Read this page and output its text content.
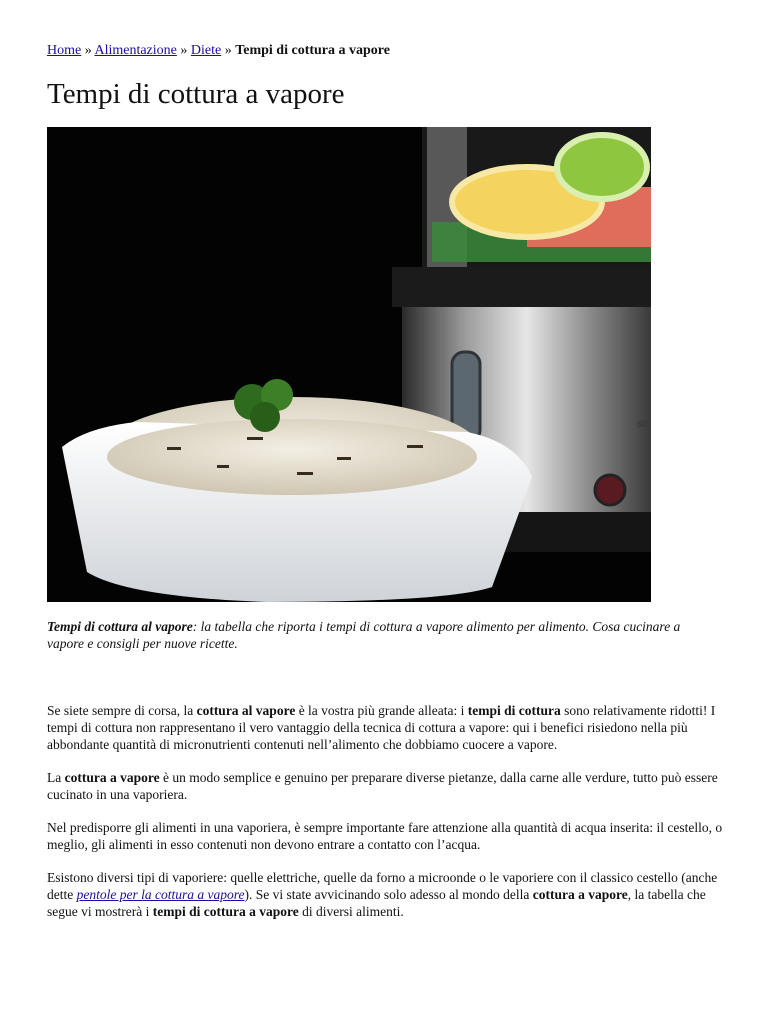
Home » Alimentazione » Diete » Tempi di cottura a vapore
Tempi di cottura a vapore
60
Tempi di cottura al vapore: la tabella che riporta i tempi di cottura a vapore alimento per alimento. Cosa cucinare a vapore e consigli per nuove ricette.

Se siete sempre di corsa, la cottura al vapore è la vostra più grande alleata: i tempi di cottura sono relativamente ridotti! I tempi di cottura non rappresentano il vero vantaggio della tecnica di cottura a vapore: qui i benefici risiedono nella più abbondante quantità di micronutrienti contenuti nell’alimento che dobbiamo cuocere a vapore.

La cottura a vapore è un modo semplice e genuino per preparare diverse pietanze, dalla carne alle verdure, tutto può essere cucinato in una vaporiera.

Nel predisporre gli alimenti in una vaporiera, è sempre importante fare attenzione alla quantità di acqua inserita: il cestello, o meglio, gli alimenti in esso contenuti non devono entrare a contatto con l’acqua.

Esistono diversi tipi di vaporiere: quelle elettriche, quelle da forno a microonde o le vaporiere con il classico cestello (anche dette pentole per la cottura a vapore). Se vi state avvicinando solo adesso al mondo della cottura a vapore, la tabella che segue vi mostrerà i tempi di cottura a vapore di diversi alimenti.
